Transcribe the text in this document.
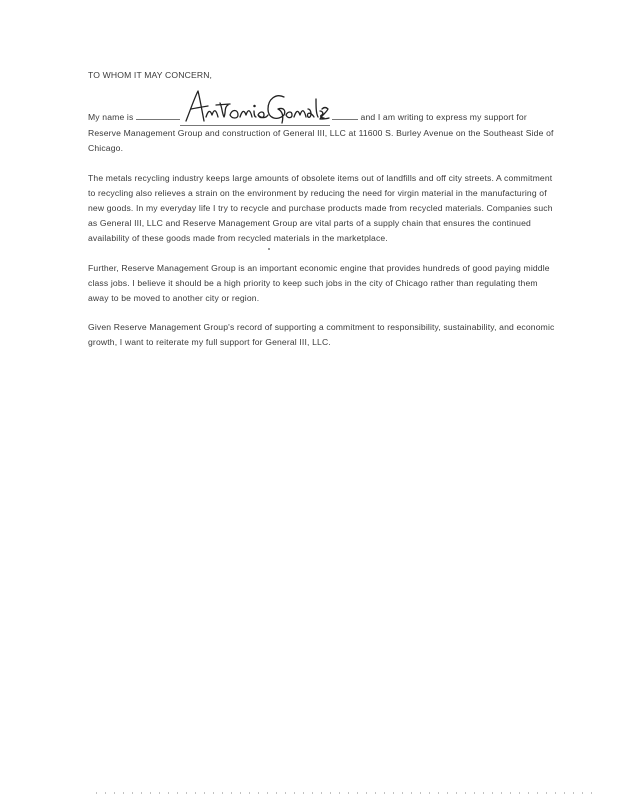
TO WHOM IT MAY CONCERN,

My name is	and I am writing to express my support for Reserve Management Group and construction of General III, LLC at 11600 S. Burley Avenue on the Southeast Side of Chicago.

The metals recycling industry keeps large amounts of obsolete items out of landfills and off city streets. A commitment to recycling also relieves a strain on the environment by reducing the need for virgin material in the manufacturing of new goods. In my everyday life I try to recycle and purchase products made from recycled materials. Companies such as General III, LLC and Reserve Management Group are vital parts of a supply chain that ensures the continued availability of these goods made from recycled materials in the marketplace.

Further, Reserve Management Group is an important economic engine that provides hundreds of good paying middle class jobs. I believe it should be a high priority to keep such jobs in the city of Chicago rather than regulating them away to be moved to another city or region.

Given Reserve Management Group's record of supporting a commitment to responsibility, sustainability, and economic growth, I want to reiterate my full support for General III, LLC.
